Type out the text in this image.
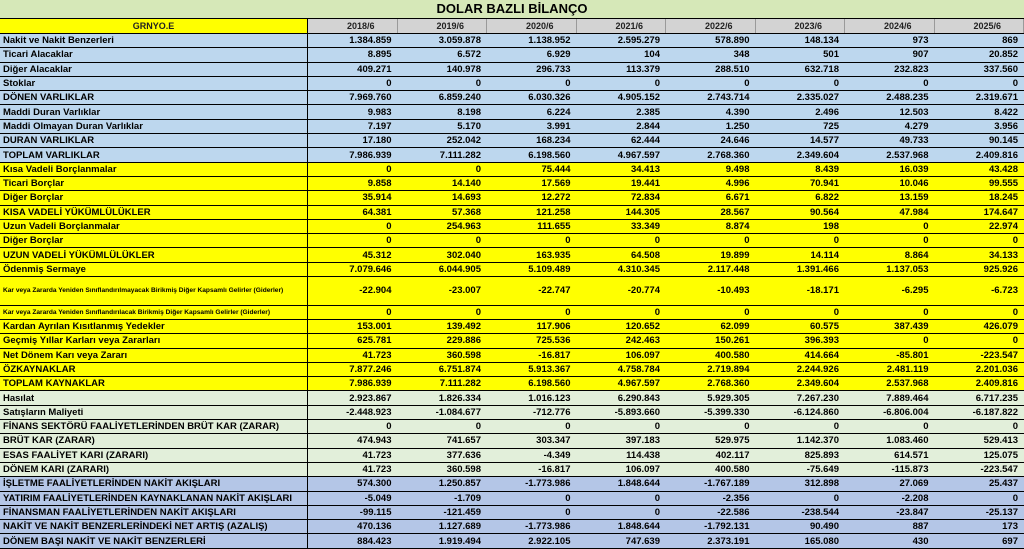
DOLAR BAZLI BİLANÇO
GRNYO.E	2018/6	2019/6	2020/6	2021/6	2022/6	2023/6	2024/6	2025/6
Nakit ve Nakit Benzerleri	1.384.859	3.059.878	1.138.952	2.595.279	578.890	148.134	973	869
Ticari Alacaklar	8.895	6.572	6.929	104	348	501	907	20.852
Diğer Alacaklar	409.271	140.978	296.733	113.379	288.510	632.718	232.823	337.560
Stoklar	0	0	0	0	0	0	0	0
DÖNEN VARLIKLAR	7.969.760	6.859.240	6.030.326	4.905.152	2.743.714	2.335.027	2.488.235	2.319.671
Maddi Duran Varlıklar	9.983	8.198	6.224	2.385	4.390	2.496	12.503	8.422
Maddi Olmayan Duran Varlıklar	7.197	5.170	3.991	2.844	1.250	725	4.279	3.956
DURAN VARLIKLAR	17.180	252.042	168.234	62.444	24.646	14.577	49.733	90.145
TOPLAM VARLIKLAR	7.986.939	7.111.282	6.198.560	4.967.597	2.768.360	2.349.604	2.537.968	2.409.816
Kısa Vadeli Borçlanmalar	0	0	75.444	34.413	9.498	8.439	16.039	43.428
Ticari Borçlar	9.858	14.140	17.569	19.441	4.996	70.941	10.046	99.555
Diğer Borçlar	35.914	14.693	12.272	72.834	6.671	6.822	13.159	18.245
KISA VADELİ YÜKÜMLÜLÜKLER	64.381	57.368	121.258	144.305	28.567	90.564	47.984	174.647
Uzun Vadeli Borçlanmalar	0	254.963	111.655	33.349	8.874	198	0	22.974
Diğer Borçlar	0	0	0	0	0	0	0	0
UZUN VADELİ YÜKÜMLÜLÜKLER	45.312	302.040	163.935	64.508	19.899	14.114	8.864	34.133
Ödenmiş Sermaye	7.079.646	6.044.905	5.109.489	4.310.345	2.117.448	1.391.466	1.137.053	925.926
Kar veya Zararda Yeniden Sınıflandırılmayacak Birikmiş Diğer Kapsamlı Gelirler (Giderler)	-22.904	-23.007	-22.747	-20.774	-10.493	-18.171	-6.295	-6.723
Kar veya Zararda Yeniden Sınıflandırılacak Birikmiş Diğer Kapsamlı Gelirler (Giderler)	0	0	0	0	0	0	0	0
Kardan Ayrılan Kısıtlanmış Yedekler	153.001	139.492	117.906	120.652	62.099	60.575	387.439	426.079
Geçmiş Yıllar Karları veya Zararları	625.781	229.886	725.536	242.463	150.261	396.393	0	0
Net Dönem Karı veya Zararı	41.723	360.598	-16.817	106.097	400.580	414.664	-85.801	-223.547
ÖZKAYNAKLAR	7.877.246	6.751.874	5.913.367	4.758.784	2.719.894	2.244.926	2.481.119	2.201.036
TOPLAM KAYNAKLAR	7.986.939	7.111.282	6.198.560	4.967.597	2.768.360	2.349.604	2.537.968	2.409.816
Hasılat	2.923.867	1.826.334	1.016.123	6.290.843	5.929.305	7.267.230	7.889.464	6.717.235
Satışların Maliyeti	-2.448.923	-1.084.677	-712.776	-5.893.660	-5.399.330	-6.124.860	-6.806.004	-6.187.822
FİNANS SEKTÖRÜ FAALİYETLERİNDEN BRÜT KAR (ZARAR)	0	0	0	0	0	0	0	0
BRÜT KAR (ZARAR)	474.943	741.657	303.347	397.183	529.975	1.142.370	1.083.460	529.413
ESAS FAALİYET KARI (ZARARI)	41.723	377.636	-4.349	114.438	402.117	825.893	614.571	125.075
DÖNEM KARI (ZARARI)	41.723	360.598	-16.817	106.097	400.580	-75.649	-115.873	-223.547
İŞLETME FAALİYETLERİNDEN NAKİT AKIŞLARI	574.300	1.250.857	-1.773.986	1.848.644	-1.767.189	312.898	27.069	25.437
YATIRIM FAALİYETLERİNDEN KAYNAKLANAN NAKİT AKIŞLARI	-5.049	-1.709	0	0	-2.356	0	-2.208	0
FİNANSMAN FAALİYETLERİNDEN NAKİT AKIŞLARI	-99.115	-121.459	0	0	-22.586	-238.544	-23.847	-25.137
NAKİT VE NAKİT BENZERLERİNDEKİ NET ARTIŞ (AZALIŞ)	470.136	1.127.689	-1.773.986	1.848.644	-1.792.131	90.490	887	173
DÖNEM BAŞI NAKİT VE NAKİT BENZERLERİ	884.423	1.919.494	2.922.105	747.639	2.373.191	165.080	430	697
